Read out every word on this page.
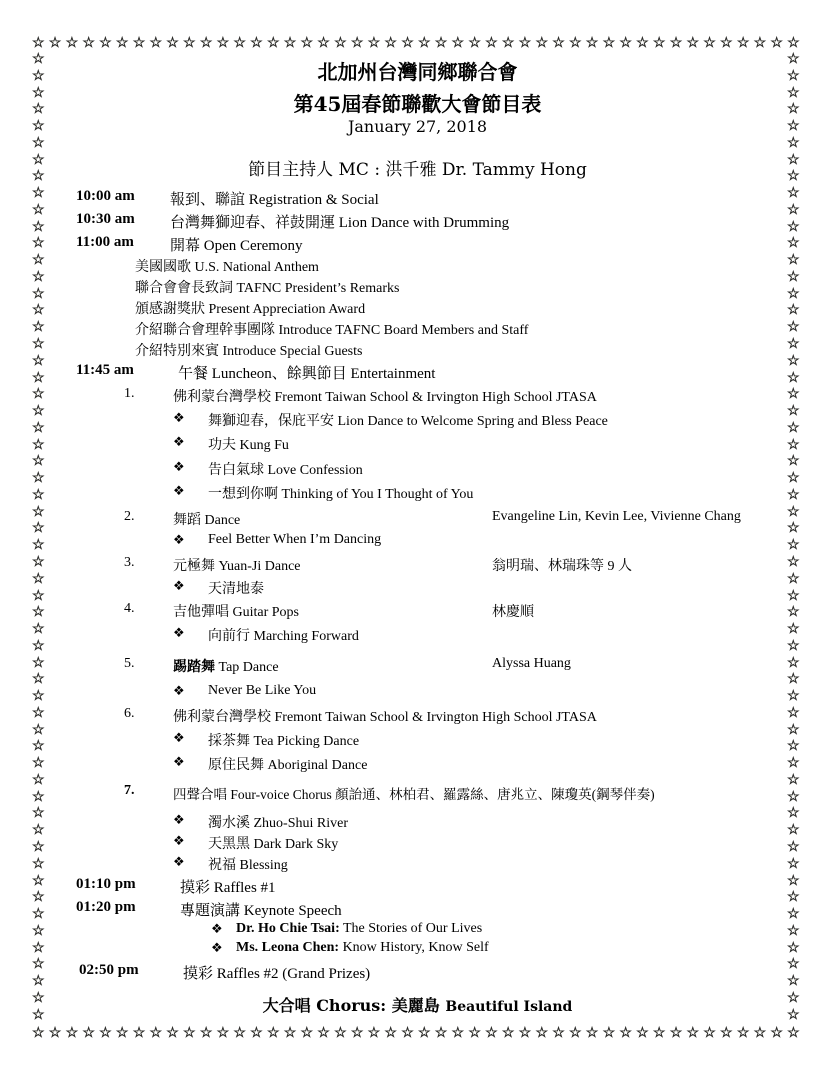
☆ ☆ ☆ ☆ ☆ ☆ ☆ ☆ ☆ ☆ ☆ ☆ ☆ ☆ ☆ ☆ ☆ ☆ ☆ ☆ ☆ ☆ ☆ ☆ ☆ ☆ ☆ ☆ ☆ ☆ ☆ ☆ ☆ ☆ ☆ ☆ ☆ ☆ ☆ ☆ ☆ ☆ ☆ ☆ ☆ ☆
☆ ☆ ☆ ☆ ☆ ☆ ☆ ☆ ☆ ☆ ☆ ☆ ☆ ☆ ☆ ☆ ☆ ☆ ☆ ☆ ☆ ☆ ☆ ☆ ☆ ☆ ☆ ☆ ☆ ☆ ☆ ☆ ☆ ☆ ☆ ☆ ☆ ☆ ☆ ☆ ☆ ☆ ☆ ☆ ☆ ☆
☆
☆
☆
☆
☆
☆
☆
☆
☆
☆
☆
☆
☆
☆
☆
☆
☆
☆
☆
☆
☆
☆
☆
☆
☆
☆
☆
☆
☆
☆
☆
☆
☆
☆
☆
☆
☆
☆
☆
☆
☆
☆
☆
☆
☆
☆
☆
☆
☆
☆
☆
☆
☆
☆
☆
☆
☆
☆
☆
☆
☆
☆
☆
☆
☆
☆
☆
☆
☆
☆
☆
☆
☆
☆
☆
☆
☆
☆
☆
☆
☆
☆
☆
☆
☆
☆
☆
☆
☆
☆
☆
☆
☆
☆
☆
☆
☆
☆
☆
☆
☆
☆
☆
☆
☆
☆
☆
☆
☆
☆
☆
☆
☆
☆
☆
☆
北加州台灣同鄉聯合會
第45屆春節聯歡大會節目表
January 27, 2018
節目主持人 MC : 洪千雅 Dr. Tammy Hong
10:00 am 報到、聯誼 Registration & Social
10:30 am 台灣舞獅迎春、祥鼓開運 Lion Dance with Drumming
11:00 am 開幕 Open Ceremony
美國國歌 U.S. National Anthem
聯合會會長致詞 TAFNC President’s Remarks
頒感謝獎狀 Present Appreciation Award
介紹聯合會理幹事團隊 Introduce TAFNC Board Members and Staff
介紹特別來賓 Introduce Special Guests
11:45 am	午餐 Luncheon、餘興節目 Entertainment
1.	佛利蒙台灣學校 Fremont Taiwan School & Irvington High School JTASA
❖ 舞獅迎春，保庇平安 Lion Dance to Welcome Spring and Bless Peace
❖ 功夫 Kung Fu
❖ 告白氣球 Love Confession
❖ 一想到你啊 Thinking of You I Thought of You
2.	舞蹈 Dance	Evangeline Lin, Kevin Lee, Vivienne Chang
❖ Feel Better When I’m Dancing
3.	元極舞 Yuan-Ji Dance	翁明瑞、林瑞珠等 9 人
❖ 天清地泰
4.	吉他彈唱 Guitar Pops	林慶順
❖ 向前行 Marching Forward
5.	踢踏舞 Tap Dance	Alyssa Huang
❖ Never Be Like You
6.	佛利蒙台灣學校 Fremont Taiwan School & Irvington High School JTASA
❖ 採茶舞 Tea Picking Dance
❖ 原住民舞 Aboriginal Dance
7.	四聲合唱 Four-voice Chorus 顏詒通、林柏君、羅露絲、唐兆立、陳瓊英(鋼琴伴奏)
❖ 濁水溪 Zhuo-Shui River
❖ 天黑黑 Dark Dark Sky
❖ 祝福 Blessing
01:10 pm	摸彩 Raffles #1
01:20 pm	專題演講 Keynote Speech
❖ Dr. Ho Chie Tsai: The Stories of Our Lives
❖ Ms. Leona Chen: Know History, Know Self
02:50 pm	摸彩 Raffles #2 (Grand Prizes)
大合唱 Chorus: 美麗島 Beautiful Island
